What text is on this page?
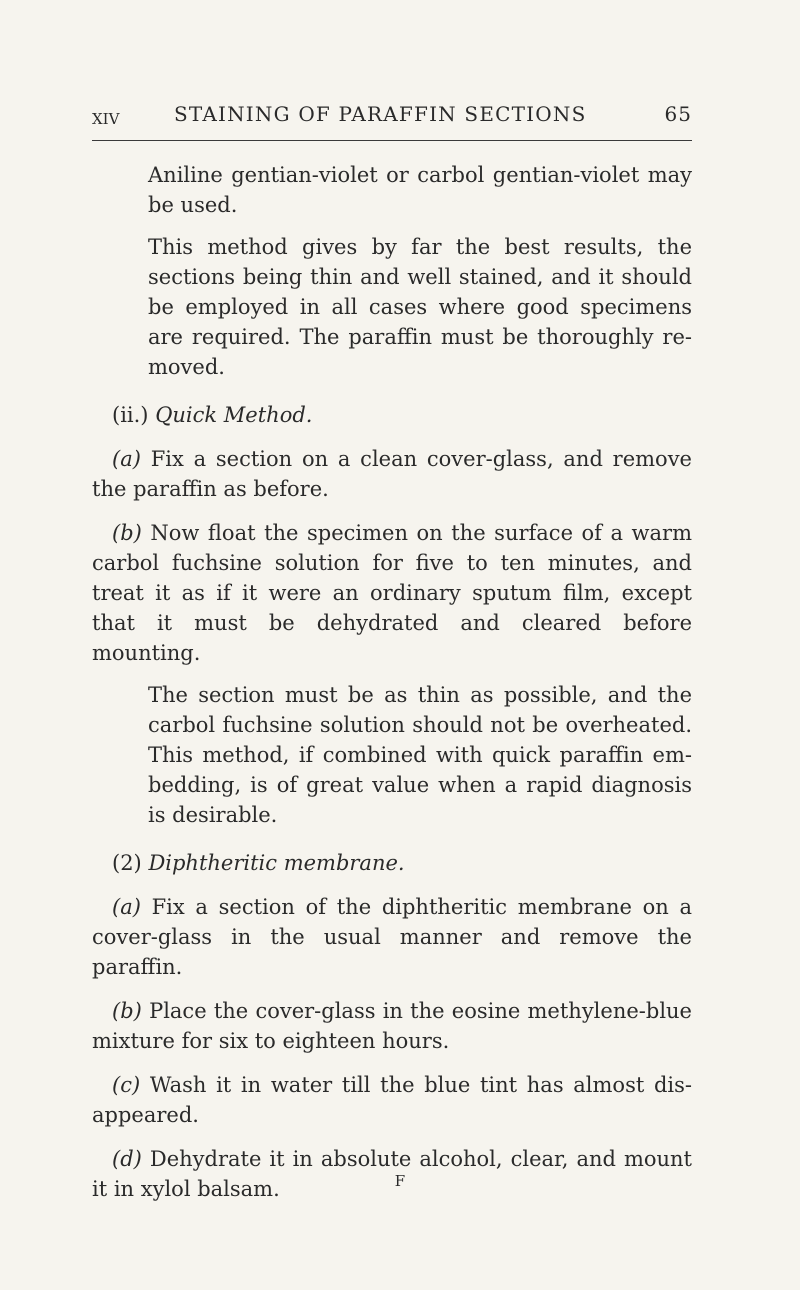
XIV	STAINING OF PARAFFIN SECTIONS	65

Aniline gentian-violet or carbol gentian-violet may be used.

This method gives by far the best results, the sections being thin and well stained, and it should be employed in all cases where good specimens are required. The paraffin must be thoroughly re- moved.

(ii.) Quick Method.

(a) Fix a section on a clean cover-glass, and remove the paraffin as before.

(b) Now float the specimen on the surface of a warm carbol fuchsine solution for five to ten minutes, and treat it as if it were an ordinary sputum film, except that it must be dehydrated and cleared before mounting.

The section must be as thin as possible, and the carbol fuchsine solution should not be overheated. This method, if combined with quick paraffin em- bedding, is of great value when a rapid diagnosis is desirable.

(2) Diphtheritic membrane.

(a) Fix a section of the diphtheritic membrane on a cover-glass in the usual manner and remove the paraffin.

(b) Place the cover-glass in the eosine methylene-blue mixture for six to eighteen hours.

(c) Wash it in water till the blue tint has almost dis- appeared.

(d) Dehydrate it in absolute alcohol, clear, and mount it in xylol balsam.	F
